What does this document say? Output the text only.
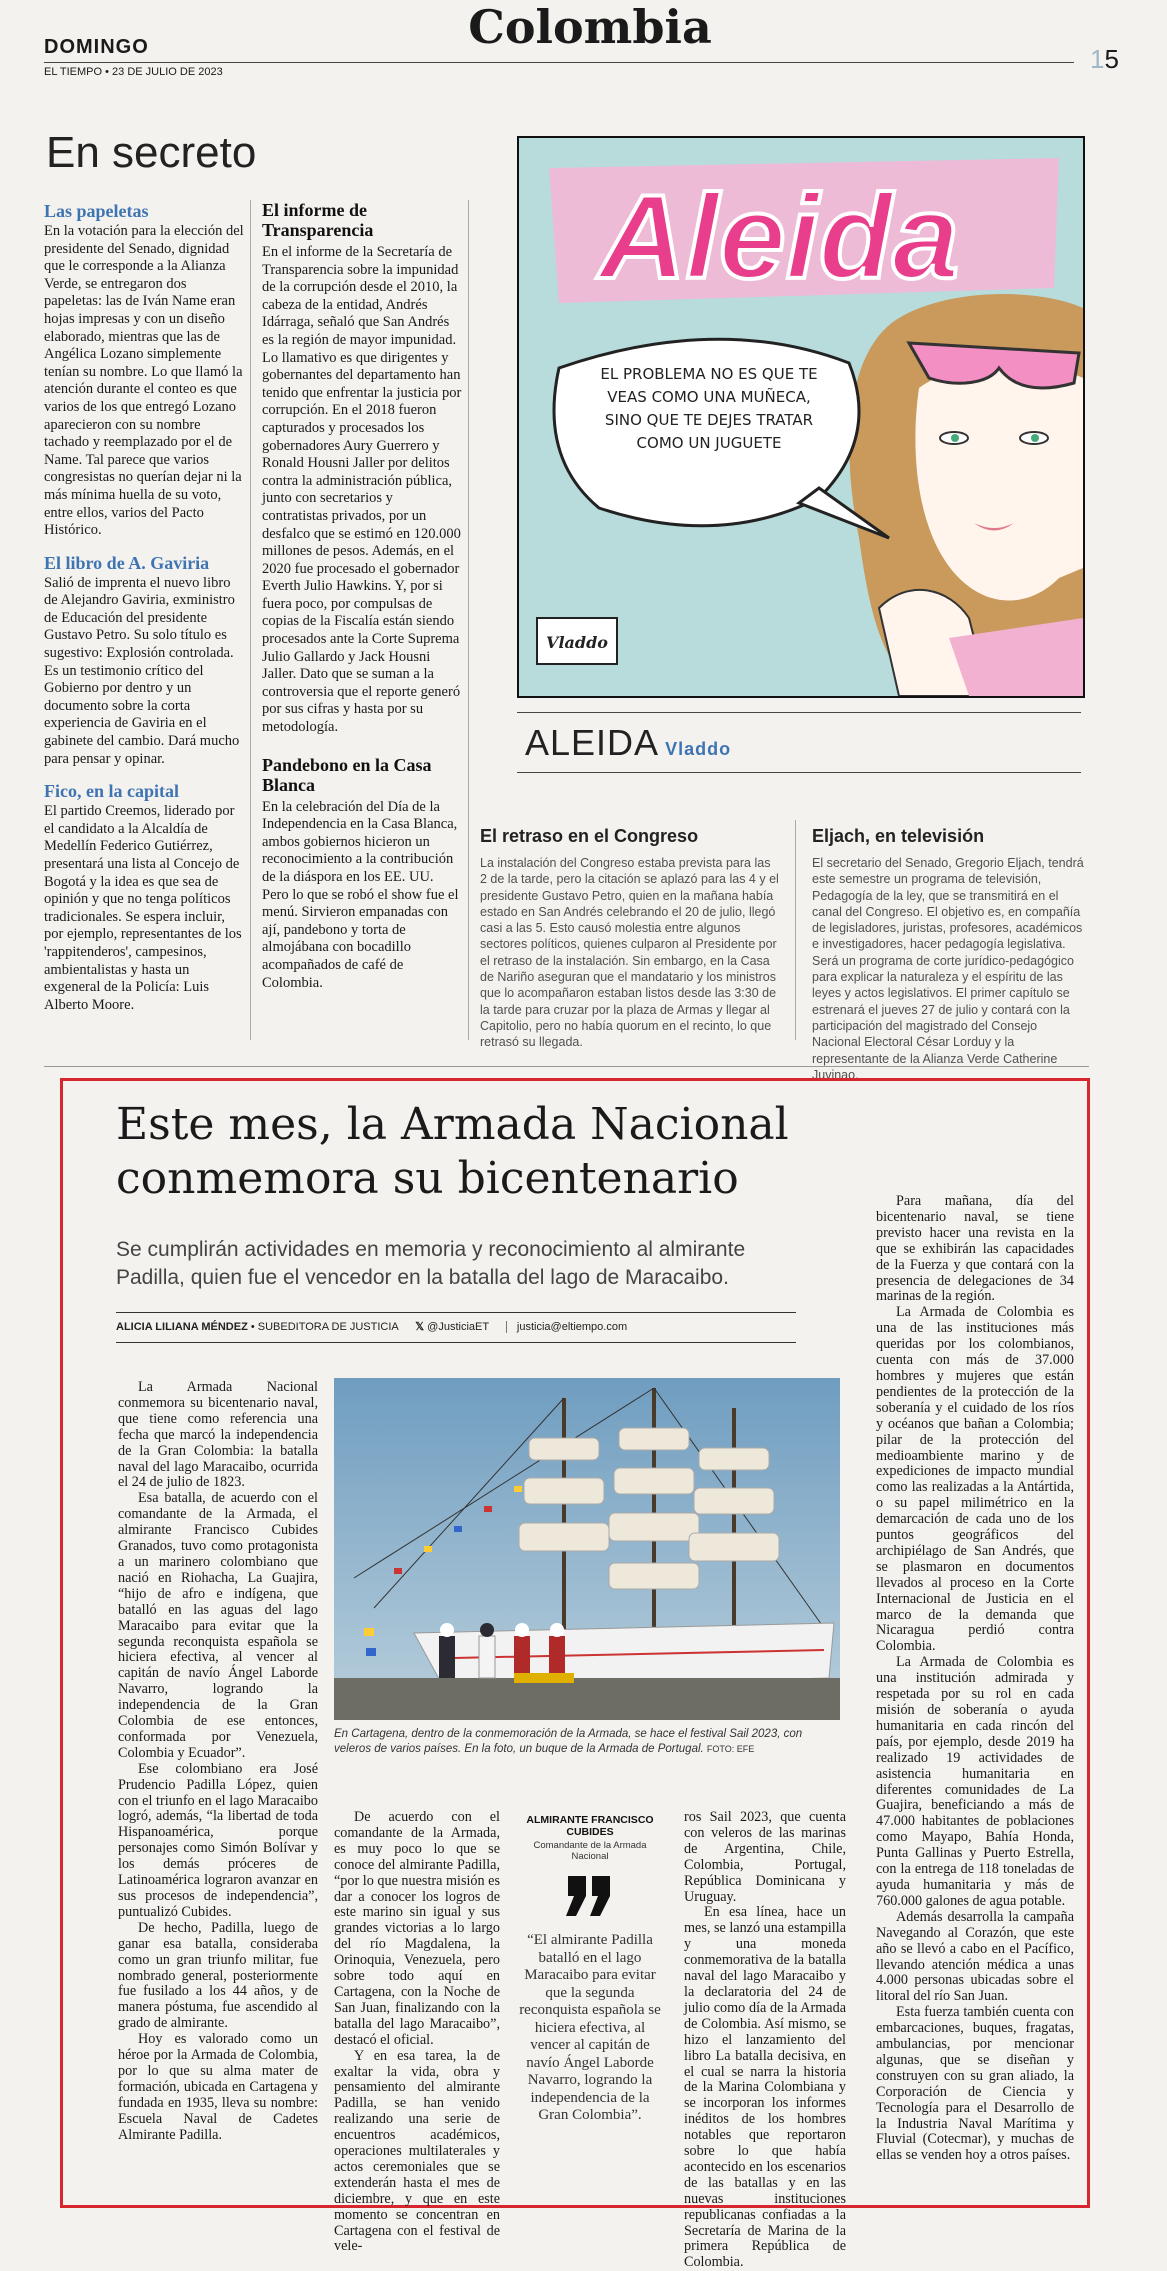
DOMINGO	Colombia
EL TIEMPO • 23 DE JULIO DE 2023	15
En secreto
Las papeletas

En la votación para la elección del presidente del Senado, dignidad que le corresponde a la Alianza Verde, se entregaron dos papeletas: las de Iván Name eran hojas impresas y con un diseño elaborado, mientras que las de Angélica Lozano simplemente tenían su nombre. Lo que llamó la atención durante el conteo es que varios de los que entregó Lozano aparecieron con su nombre tachado y reemplazado por el de Name. Tal parece que varios congresistas no querían dejar ni la más mínima huella de su voto, entre ellos, varios del Pacto Histórico.

El libro de A. Gaviria

Salió de imprenta el nuevo libro de Alejandro Gaviria, exministro de Educación del presidente Gustavo Petro. Su solo título es sugestivo: Explosión controlada. Es un testimonio crítico del Gobierno por dentro y un documento sobre la corta experiencia de Gaviria en el gabinete del cambio. Dará mucho para pensar y opinar.

Fico, en la capital

El partido Creemos, liderado por el candidato a la Alcaldía de Medellín Federico Gutiérrez, presentará una lista al Concejo de Bogotá y la idea es que sea de opinión y que no tenga políticos tradicionales. Se espera incluir, por ejemplo, representantes de los 'rappitenderos', campesinos, ambientalistas y hasta un exgeneral de la Policía: Luis Alberto Moore.

El informe de Transparencia

En el informe de la Secretaría de Transparencia sobre la impunidad de la corrupción desde el 2010, la cabeza de la entidad, Andrés Idárraga, señaló que San Andrés es la región de mayor impunidad. Lo llamativo es que dirigentes y gobernantes del departamento han tenido que enfrentar la justicia por corrupción. En el 2018 fueron capturados y procesados los gobernadores Aury Guerrero y Ronald Housni Jaller por delitos contra la administración pública, junto con secretarios y contratistas privados, por un desfalco que se estimó en 120.000 millones de pesos. Además, en el 2020 fue procesado el gobernador Everth Julio Hawkins. Y, por si fuera poco, por compulsas de copias de la Fiscalía están siendo procesados ante la Corte Suprema Julio Gallardo y Jack Housni Jaller. Dato que se suman a la controversia que el reporte generó por sus cifras y hasta por su metodología.

Pandebono en la Casa Blanca

En la celebración del Día de la Independencia en la Casa Blanca, ambos gobiernos hicieron un reconocimiento a la contribución de la diáspora en los EE. UU. Pero lo que se robó el show fue el menú. Sirvieron empanadas con ají, pandebono y torta de almojábana con bocadillo acompañados de café de Colombia.

Aleida
EL PROBLEMA NO ES QUE TE VEAS COMO UNA MUÑECA, SINO QUE TE DEJES TRATAR COMO UN JUGUETE
Vladdo
ALEIDA Vladdo
El retraso en el Congreso

La instalación del Congreso estaba prevista para las 2 de la tarde, pero la citación se aplazó para las 4 y el presidente Gustavo Petro, quien en la mañana había estado en San Andrés celebrando el 20 de julio, llegó casi a las 5. Esto causó molestia entre algunos sectores políticos, quienes culparon al Presidente por el retraso de la instalación. Sin embargo, en la Casa de Nariño aseguran que el mandatario y los ministros que lo acompañaron estaban listos desde las 3:30 de la tarde para cruzar por la plaza de Armas y llegar al Capitolio, pero no había quorum en el recinto, lo que retrasó su llegada.

Eljach, en televisión

El secretario del Senado, Gregorio Eljach, tendrá este semestre un programa de televisión, Pedagogía de la ley, que se transmitirá en el canal del Congreso. El objetivo es, en compañía de legisladores, juristas, profesores, académicos e investigadores, hacer pedagogía legislativa. Será un programa de corte jurídico-pedagógico para explicar la naturaleza y el espíritu de las leyes y actos legislativos. El primer capítulo se estrenará el jueves 27 de julio y contará con la participación del magistrado del Consejo Nacional Electoral César Lorduy y la representante de la Alianza Verde Catherine Juvinao.

Este mes, la Armada Nacional conmemora su bicentenario
Se cumplirán actividades en memoria y reconocimiento al almirante Padilla, quien fue el vencedor en la batalla del lago de Maracaibo.
ALICIA LILIANA MÉNDEZ • SUBEDITORA DE JUSTICIA 𝕏 @JusticiaET	justicia@eltiempo.com

La Armada Nacional conmemora su bicentenario naval, que tiene como referencia una fecha que marcó la independencia de la Gran Colombia: la batalla naval del lago Maracaibo, ocurrida el 24 de julio de 1823.

Esa batalla, de acuerdo con el comandante de la Armada, el almirante Francisco Cubides Granados, tuvo como protagonista a un marinero colombiano que nació en Riohacha, La Guajira, “hijo de afro e indígena, que batalló en las aguas del lago Maracaibo para evitar que la segunda reconquista española se hiciera efectiva, al vencer al capitán de navío Ángel Laborde Navarro, logrando la independencia de la Gran Colombia de ese entonces, conformada por Venezuela, Colombia y Ecuador”.

Ese colombiano era José Prudencio Padilla López, quien con el triunfo en el lago Maracaibo logró, además, “la libertad de toda Hispanoamérica, porque personajes como Simón Bolívar y los demás próceres de Latinoamérica lograron avanzar en sus procesos de independencia”, puntualizó Cubides.

De hecho, Padilla, luego de ganar esa batalla, consideraba como un gran triunfo militar, fue nombrado general, posteriormente fue fusilado a los 44 años, y de manera póstuma, fue ascendido al grado de almirante.

Hoy es valorado como un héroe por la Armada de Colombia, por lo que su alma mater de formación, ubicada en Cartagena y fundada en 1935, lleva su nombre: Escuela Naval de Cadetes Almirante Padilla.

En Cartagena, dentro de la conmemoración de la Armada, se hace el festival Sail 2023, con veleros de varios países. En la foto, un buque de la Armada de Portugal. FOTO: EFE

De acuerdo con el comandante de la Armada, es muy poco lo que se conoce del almirante Padilla, “por lo que nuestra misión es dar a conocer los logros de este marino sin igual y sus grandes victorias a lo largo del río Magdalena, la Orinoquia, Venezuela, pero sobre todo aquí en Cartagena, con la Noche de San Juan, finalizando con la batalla del lago Maracaibo”, destacó el oficial.

Y en esa tarea, la de exaltar la vida, obra y pensamiento del almirante Padilla, se han venido realizando una serie de encuentros académicos, operaciones multilaterales y actos ceremoniales que se extenderán hasta el mes de diciembre, y que en este momento se concentran en Cartagena con el festival de vele-

ALMIRANTE FRANCISCO CUBIDES
Comandante de la Armada Nacional
“El almirante Padilla batalló en el lago Maracaibo para evitar que la segunda reconquista española se hiciera efectiva, al vencer al capitán de navío Ángel Laborde Navarro, logrando la independencia de la Gran Colombia”.

ros Sail 2023, que cuenta con veleros de las marinas de Argentina, Chile, Colombia, Portugal, República Dominicana y Uruguay.

En esa línea, hace un mes, se lanzó una estampilla y una moneda conmemorativa de la batalla naval del lago Maracaibo y la declaratoria del 24 de julio como día de la Armada de Colombia. Así mismo, se hizo el lanzamiento del libro La batalla decisiva, en el cual se narra la historia de la Marina Colombiana y se incorporan los informes inéditos de los hombres notables que reportaron sobre lo que había acontecido en los escenarios de las batallas y en las nuevas instituciones republicanas confiadas a la Secretaría de Marina de la primera República de Colombia.

Para mañana, día del bicentenario naval, se tiene previsto hacer una revista en la que se exhibirán las capacidades de la Fuerza y que contará con la presencia de delegaciones de 34 marinas de la región.

La Armada de Colombia es una de las instituciones más queridas por los colombianos, cuenta con más de 37.000 hombres y mujeres que están pendientes de la protección de la soberanía y el cuidado de los ríos y océanos que bañan a Colombia; pilar de la protección del medioambiente marino y de expediciones de impacto mundial como las realizadas a la Antártida, o su papel milimétrico en la demarcación de cada uno de los puntos geográficos del archipiélago de San Andrés, que se plasmaron en documentos llevados al proceso en la Corte Internacional de Justicia en el marco de la demanda que Nicaragua perdió contra Colombia.

La Armada de Colombia es una institución admirada y respetada por su rol en cada misión de soberanía o ayuda humanitaria en cada rincón del país, por ejemplo, desde 2019 ha realizado 19 actividades de asistencia humanitaria en diferentes comunidades de La Guajira, beneficiando a más de 47.000 habitantes de poblaciones como Mayapo, Bahía Honda, Punta Gallinas y Puerto Estrella, con la entrega de 118 toneladas de ayuda humanitaria y más de 760.000 galones de agua potable.

Además desarrolla la campaña Navegando al Corazón, que este año se llevó a cabo en el Pacífico, llevando atención médica a unas 4.000 personas ubicadas sobre el litoral del río San Juan.

Esta fuerza también cuenta con embarcaciones, buques, fragatas, ambulancias, por mencionar algunas, que se diseñan y construyen con su gran aliado, la Corporación de Ciencia y Tecnología para el Desarrollo de la Industria Naval Marítima y Fluvial (Cotecmar), y muchas de ellas se venden hoy a otros países.
